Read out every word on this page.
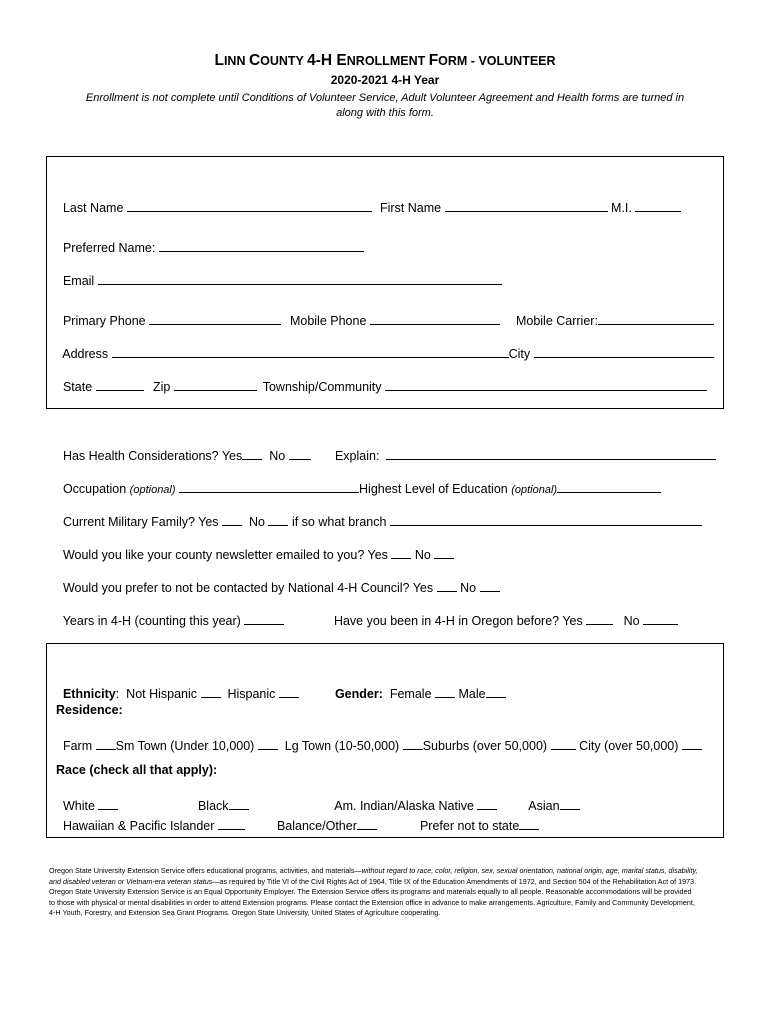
LINN COUNTY 4-H ENROLLMENT FORM - VOLUNTEER
2020-2021 4-H Year
Enrollment is not complete until Conditions of Volunteer Service, Adult Volunteer Agreement and Health forms are turned in along with this form.

Last Name	First Name	M.I.

Preferred Name:

Email

Primary Phone	Mobile Phone	Mobile Carrier:

Address	City

State	Zip	Township/Community

Has Health Considerations? Yes No	Explain:

Occupation (optional)	Highest Level of Education (optional)

Current Military Family? Yes No if so what branch

Would you like your county newsletter emailed to you? Yes No

Would you prefer to not be contacted by National 4-H Council? Yes No

Years in 4-H (counting this year)	Have you been in 4-H in Oregon before? Yes	No

Ethnicity:  Not Hispanic Hispanic	Gender: Female Male

Residence:

Farm Sm Town (Under 10,000) Lg Town (10-50,000) Suburbs (over 50,000)	City (over 50,000)

Race (check all that apply):

White	Black	Am. Indian/Alaska Native	Asian

Hawaiian & Pacific Islander	Balance/Other	Prefer not to state

Oregon State University Extension Service offers educational programs, activities, and materials—without regard to race, color, religion, sex, sexual orientation, national origin, age, marital status, disability, and disabled veteran or Vietnam-era veteran status—as required by Title VI of the Civil Rights Act of 1964, Title IX of the Education Amendments of 1972, and Section 504 of the Rehabilitation Act of 1973. Oregon State University Extension Service is an Equal Opportunity Employer. The Extension Service offers its programs and materials equally to all people. Reasonable accommodations will be provided to those with physical or mental disabilities in order to attend Extension programs. Please contact the Extension office in advance to make arrangements. Agriculture, Family and Community Development, 4-H Youth, Forestry, and Extension Sea Grant Programs. Oregon State University, United States of Agriculture cooperating.
